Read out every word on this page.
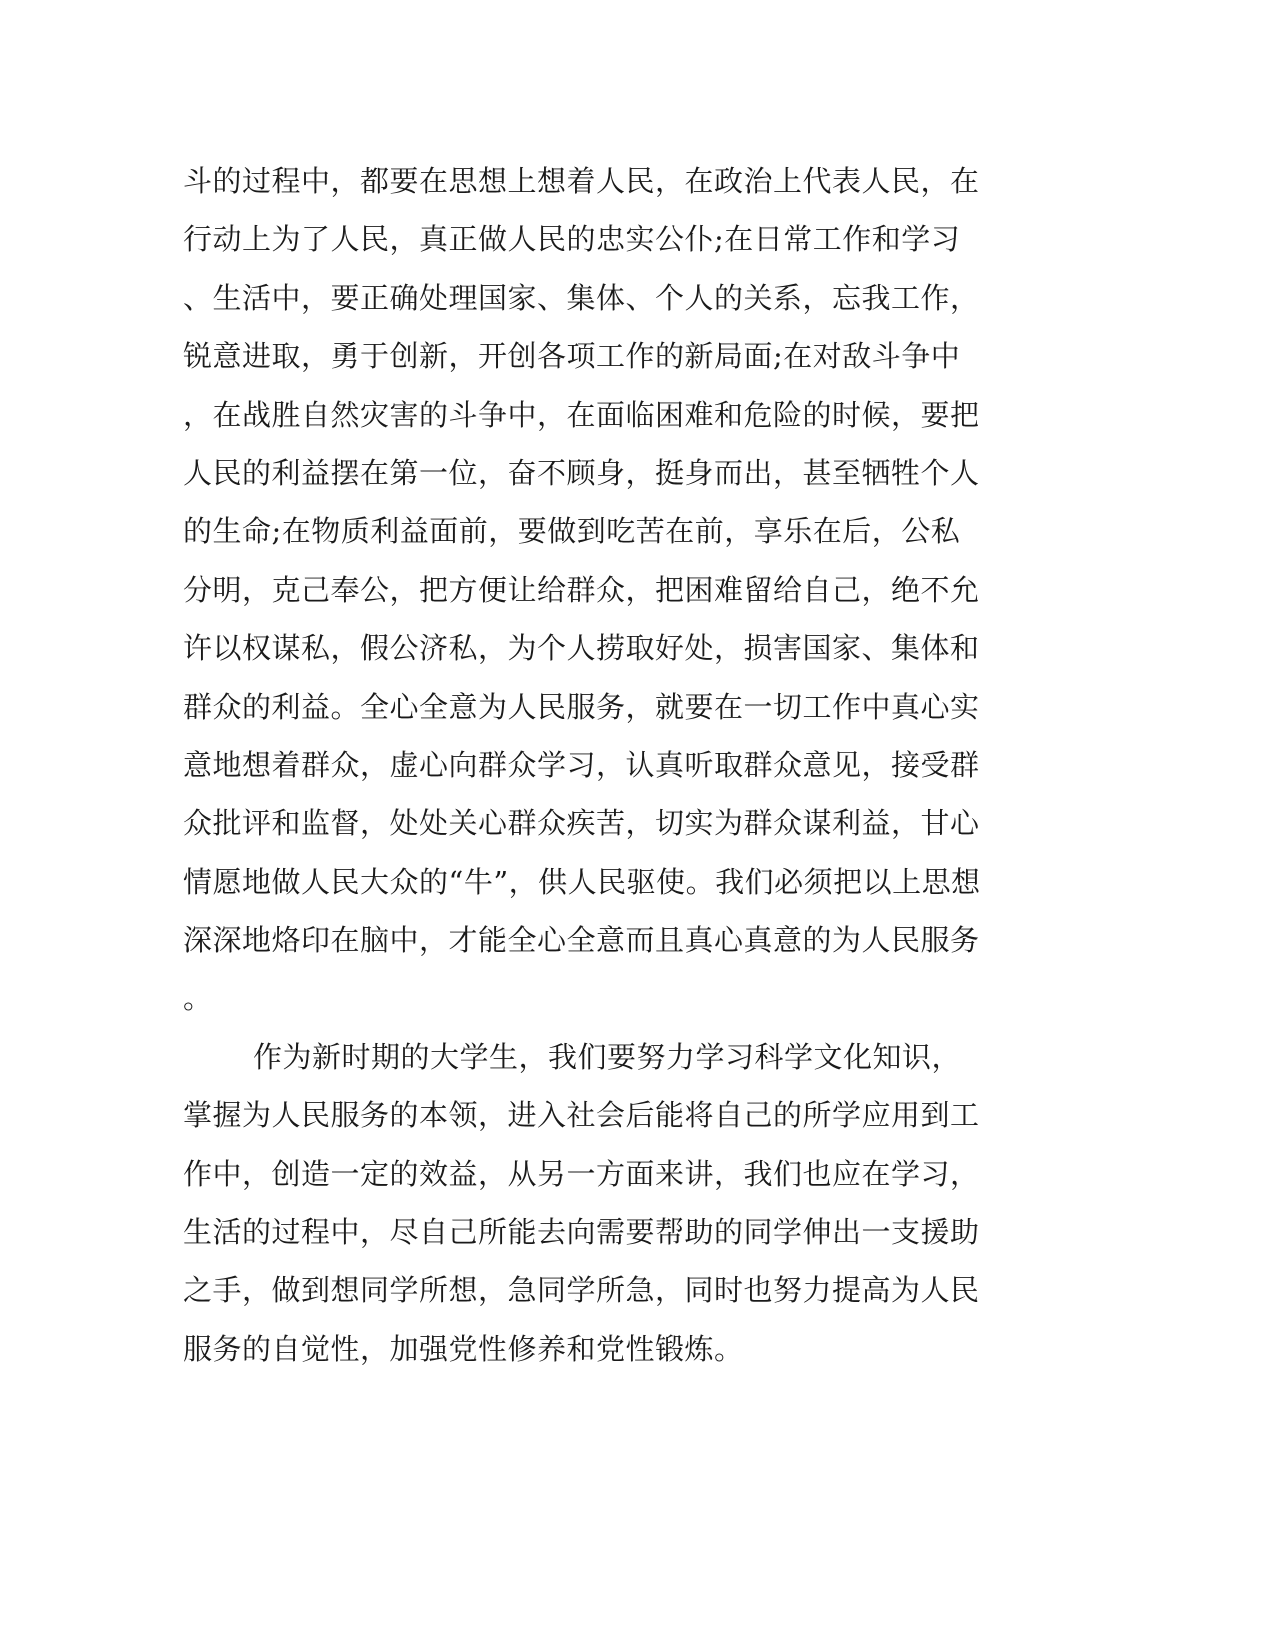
斗的过程中，都要在思想上想着人民，在政治上代表人民，在
行动上为了人民，真正做人民的忠实公仆;在日常工作和学习
、生活中，要正确处理国家、集体、个人的关系，忘我工作，
锐意进取，勇于创新，开创各项工作的新局面;在对敌斗争中
，在战胜自然灾害的斗争中，在面临困难和危险的时候，要把
人民的利益摆在第一位，奋不顾身，挺身而出，甚至牺牲个人
的生命;在物质利益面前，要做到吃苦在前，享乐在后，公私
分明，克己奉公，把方便让给群众，把困难留给自己，绝不允
许以权谋私，假公济私，为个人捞取好处，损害国家、集体和
群众的利益。全心全意为人民服务，就要在一切工作中真心实
意地想着群众，虚心向群众学习，认真听取群众意见，接受群
众批评和监督，处处关心群众疾苦，切实为群众谋利益，甘心
情愿地做人民大众的“牛”，供人民驱使。我们必须把以上思想
深深地烙印在脑中，才能全心全意而且真心真意的为人民服务
。
作为新时期的大学生，我们要努力学习科学文化知识，
掌握为人民服务的本领，进入社会后能将自己的所学应用到工
作中，创造一定的效益，从另一方面来讲，我们也应在学习，
生活的过程中，尽自己所能去向需要帮助的同学伸出一支援助
之手，做到想同学所想，急同学所急，同时也努力提高为人民
服务的自觉性，加强党性修养和党性锻炼。
